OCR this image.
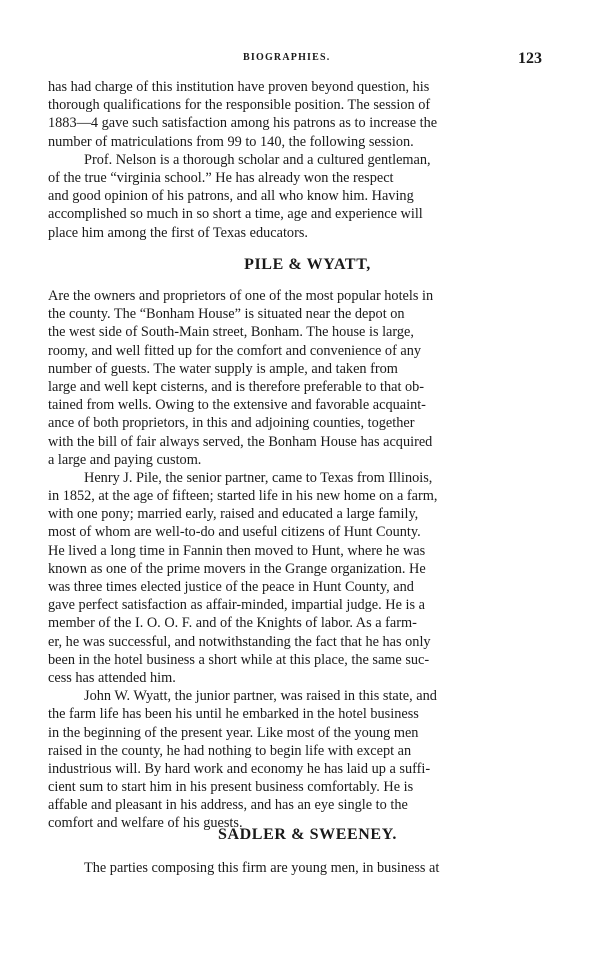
BIOGRAPHIES.	123
has had charge of this institution have proven beyond question, his
thorough qualifications for the responsible position. The session of
1883—4 gave such satisfaction among his patrons as to increase the
number of matriculations from 99 to 140, the following session.
Prof. Nelson is a thorough scholar and a cultured gentleman,
of the true “virginia school.” He has already won the respect
and good opinion of his patrons, and all who know him. Having
accomplished so much in so short a time, age and experience will
place him among the first of Texas educators.
PILE & WYATT,
Are the owners and proprietors of one of the most popular hotels in
the county. The “Bonham House” is situated near the depot on
the west side of South-Main street, Bonham. The house is large,
roomy, and well fitted up for the comfort and convenience of any
number of guests. The water supply is ample, and taken from
large and well kept cisterns, and is therefore preferable to that ob-
tained from wells. Owing to the extensive and favorable acquaint-
ance of both proprietors, in this and adjoining counties, together
with the bill of fair always served, the Bonham House has acquired
a large and paying custom.
Henry J. Pile, the senior partner, came to Texas from Illinois,
in 1852, at the age of fifteen; started life in his new home on a farm,
with one pony; married early, raised and educated a large family,
most of whom are well-to-do and useful citizens of Hunt County.
He lived a long time in Fannin then moved to Hunt, where he was
known as one of the prime movers in the Grange organization. He
was three times elected justice of the peace in Hunt County, and
gave perfect satisfaction as affair-minded, impartial judge. He is a
member of the I. O. O. F. and of the Knights of labor. As a farm-
er, he was successful, and notwithstanding the fact that he has only
been in the hotel business a short while at this place, the same suc-
cess has attended him.
John W. Wyatt, the junior partner, was raised in this state, and
the farm life has been his until he embarked in the hotel business
in the beginning of the present year. Like most of the young men
raised in the county, he had nothing to begin life with except an
industrious will. By hard work and economy he has laid up a suffi-
cient sum to start him in his present business comfortably. He is
affable and pleasant in his address, and has an eye single to the
comfort and welfare of his guests.
SADLER & SWEENEY.
The parties composing this firm are young men, in business at
